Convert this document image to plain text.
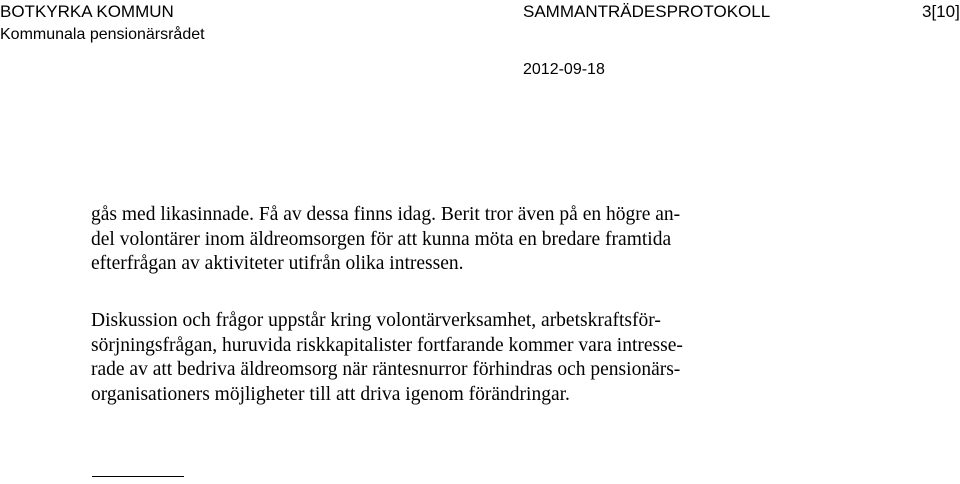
BOTKYRKA KOMMUN
Kommunala pensionärsrådet
SAMMANTRÄDESPROTOKOLL	3[10]
2012-09-18
gås med likasinnade. Få av dessa finns idag. Berit tror även på en högre an-
del volontärer inom äldreomsorgen för att kunna möta en bredare framtida
efterfrågan av aktiviteter utifrån olika intressen.
Diskussion och frågor uppstår kring volontärverksamhet, arbetskraftsför-
sörjningsfrågan, huruvida riskkapitalister fortfarande kommer vara intresse-
rade av att bedriva äldreomsorg när räntesnurror förhindras och pensionärs-
organisationers möjligheter till att driva igenom förändringar.
